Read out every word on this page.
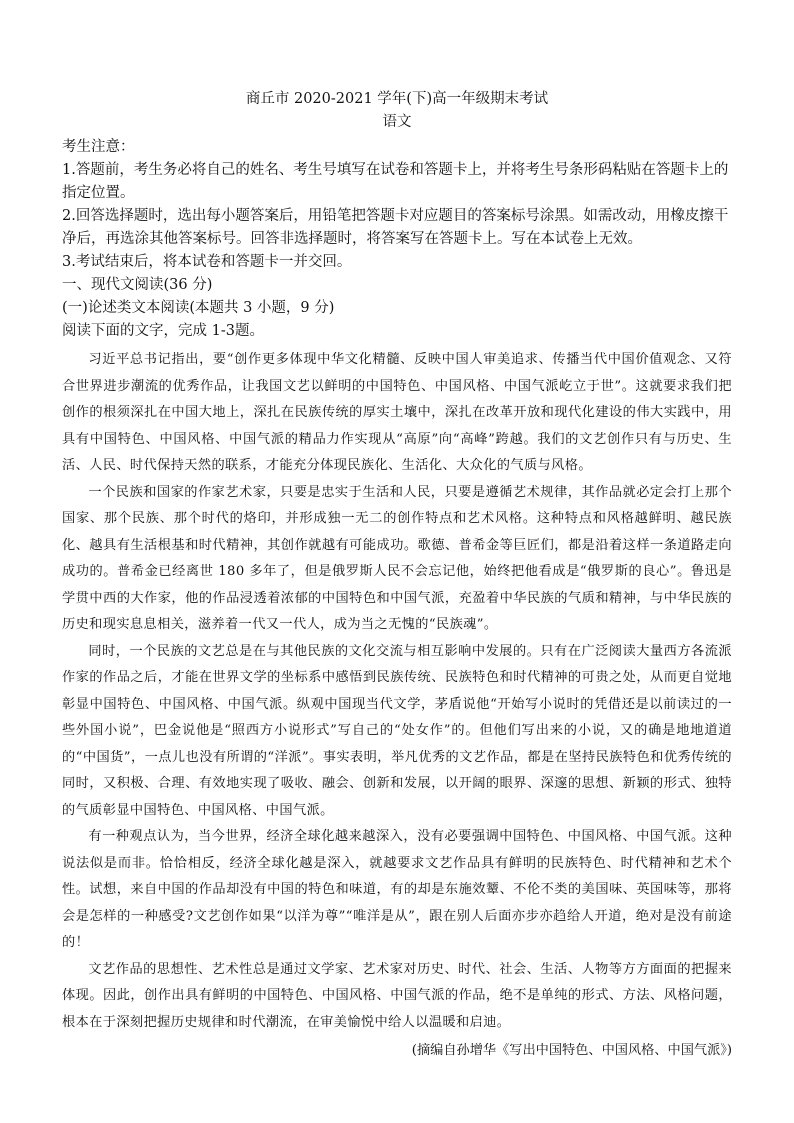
商丘市 2020-2021 学年(下)高一年级期末考试
语文

考生注意：

1.答题前，考生务必将自己的姓名、考生号填写在试卷和答题卡上，并将考生号条形码粘贴在答题卡上的指定位置。

2.回答选择题时，选出每小题答案后，用铅笔把答题卡对应题目的答案标号涂黑。如需改动，用橡皮擦干净后，再选涂其他答案标号。回答非选择题时，将答案写在答题卡上。写在本试卷上无效。

3.考试结束后，将本试卷和答题卡一并交回。

一、现代文阅读(36 分)

(一)论述类文本阅读(本题共 3 小题，9 分)

阅读下面的文字，完成 1-3题。

习近平总书记指出，要“创作更多体现中华文化精髓、反映中国人审美追求、传播当代中国价值观念、又符合世界进步潮流的优秀作品，让我国文艺以鲜明的中国特色、中国风格、中国气派屹立于世”。这就要求我们把创作的根须深扎在中国大地上，深扎在民族传统的厚实土壤中，深扎在改革开放和现代化建设的伟大实践中，用具有中国特色、中国风格、中国气派的精品力作实现从“高原”向“高峰”跨越。我们的文艺创作只有与历史、生活、人民、时代保持天然的联系，才能充分体现民族化、生活化、大众化的气质与风格。

一个民族和国家的作家艺术家，只要是忠实于生活和人民，只要是遵循艺术规律，其作品就必定会打上那个国家、那个民族、那个时代的烙印，并形成独一无二的创作特点和艺术风格。这种特点和风格越鲜明、越民族化、越具有生活根基和时代精神，其创作就越有可能成功。歌德、普希金等巨匠们，都是沿着这样一条道路走向成功的。普希金已经离世 180 多年了，但是俄罗斯人民不会忘记他，始终把他看成是“俄罗斯的良心”。鲁迅是学贯中西的大作家，他的作品浸透着浓郁的中国特色和中国气派，充盈着中华民族的气质和精神，与中华民族的历史和现实息息相关，滋养着一代又一代人，成为当之无愧的“民族魂”。

同时，一个民族的文艺总是在与其他民族的文化交流与相互影响中发展的。只有在广泛阅读大量西方各流派作家的作品之后，才能在世界文学的坐标系中感悟到民族传统、民族特色和时代精神的可贵之处，从而更自觉地彰显中国特色、中国风格、中国气派。纵观中国现当代文学，茅盾说他“开始写小说时的凭借还是以前读过的一些外国小说”，巴金说他是“照西方小说形式”写自己的“处女作”的。但他们写出来的小说，又的确是地地道道的“中国货”，一点儿也没有所谓的“洋派”。事实表明，举凡优秀的文艺作品，都是在坚持民族特色和优秀传统的同时，又积极、合理、有效地实现了吸收、融会、创新和发展，以开阔的眼界、深邃的思想、新颖的形式、独特的气质彰显中国特色、中国风格、中国气派。

有一种观点认为，当今世界，经济全球化越来越深入，没有必要强调中国特色、中国风格、中国气派。这种说法似是而非。恰恰相反，经济全球化越是深入，就越要求文艺作品具有鲜明的民族特色、时代精神和艺术个性。试想，来自中国的作品却没有中国的特色和味道，有的却是东施效颦、不伦不类的美国味、英国味等，那将会是怎样的一种感受?文艺创作如果“以洋为尊”“唯洋是从”，跟在别人后面亦步亦趋给人开道，绝对是没有前途的！

文艺作品的思想性、艺术性总是通过文学家、艺术家对历史、时代、社会、生活、人物等方方面面的把握来体现。因此，创作出具有鲜明的中国特色、中国风格、中国气派的作品，绝不是单纯的形式、方法、风格问题，根本在于深刻把握历史规律和时代潮流，在审美愉悦中给人以温暖和启迪。

(摘编自孙增华《写出中国特色、中国风格、中国气派》)
